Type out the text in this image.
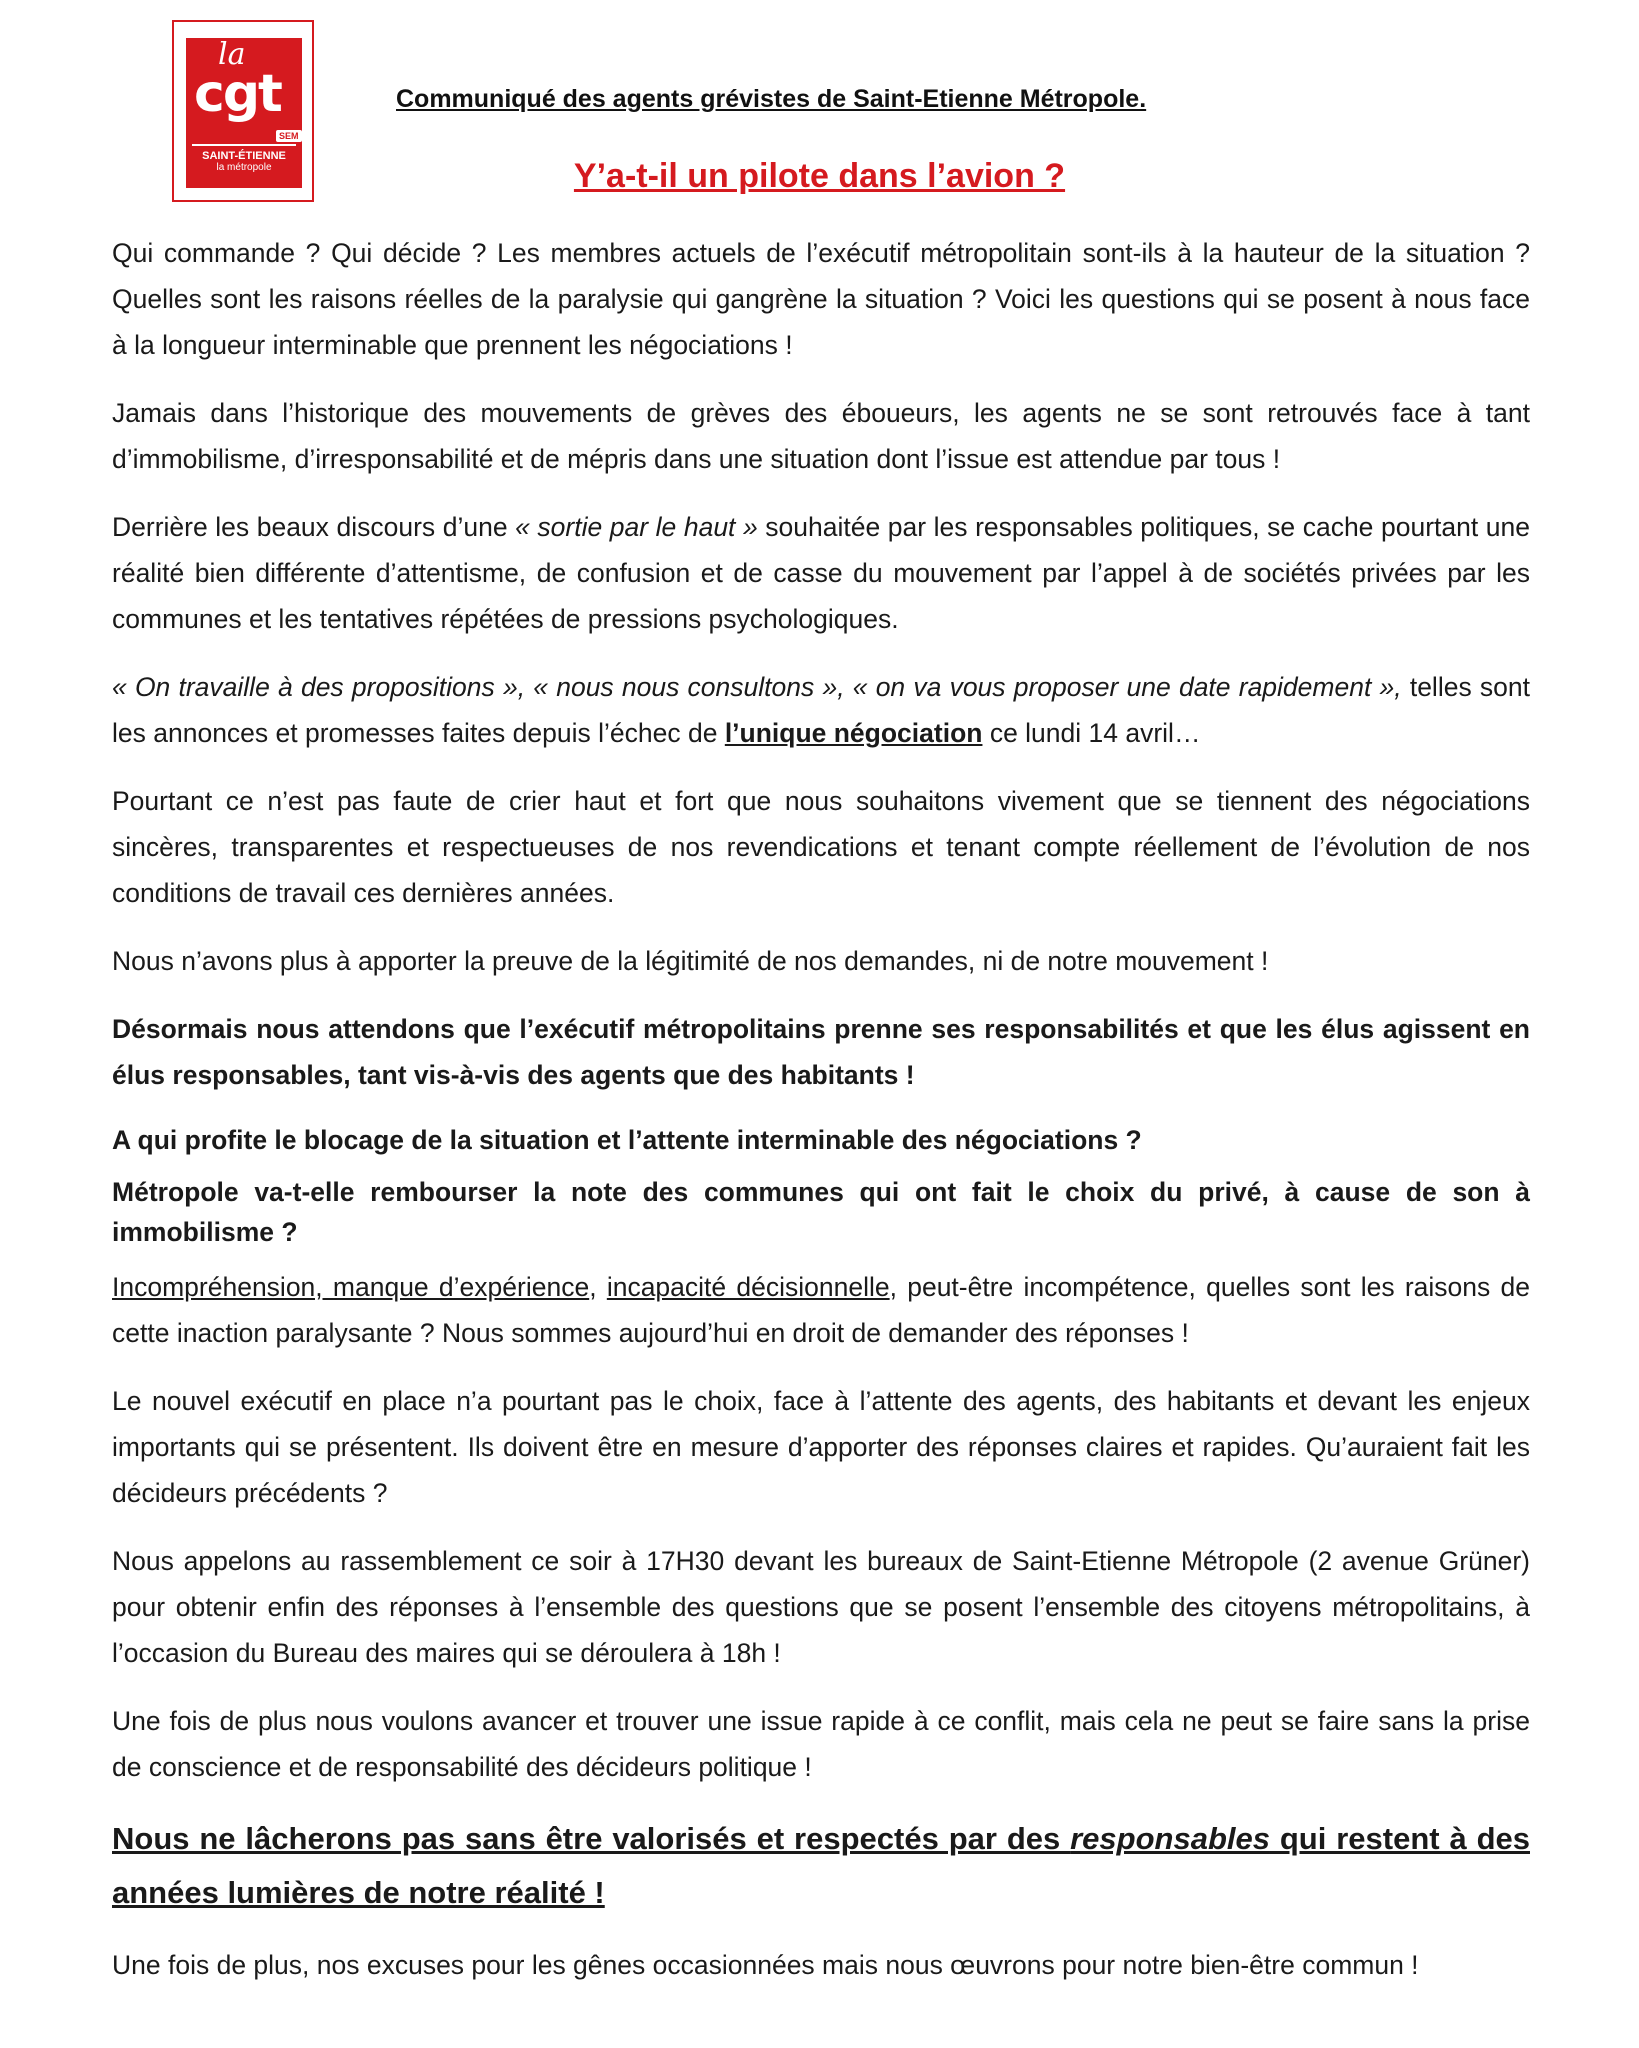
la
cgt
SEM
SAINT-ÉTIENNE
la métropole
Communiqué des agents grévistes de Saint-Etienne Métropole.
Y’a-t-il un pilote dans l’avion ?

Qui commande ? Qui décide ? Les membres actuels de l’exécutif métropolitain sont-ils à la hauteur de la situation ? Quelles sont les raisons réelles de la paralysie qui gangrène la situation ? Voici les questions qui se posent à nous face à la longueur interminable que prennent les négociations !

Jamais dans l’historique des mouvements de grèves des éboueurs, les agents ne se sont retrouvés face à tant d’immobilisme, d’irresponsabilité et de mépris dans une situation dont l’issue est attendue par tous !

Derrière les beaux discours d’une « sortie par le haut » souhaitée par les responsables politiques, se cache pourtant une réalité bien différente d’attentisme, de confusion et de casse du mouvement par l’appel à de sociétés privées par les communes et les tentatives répétées de pressions psychologiques.

« On travaille à des propositions », « nous nous consultons », « on va vous proposer une date rapidement », telles sont les annonces et promesses faites depuis l’échec de l’unique négociation ce lundi 14 avril…

Pourtant ce n’est pas faute de crier haut et fort que nous souhaitons vivement que se tiennent des négociations sincères, transparentes et respectueuses de nos revendications et tenant compte réellement de l’évolution de nos conditions de travail ces dernières années.

Nous n’avons plus à apporter la preuve de la légitimité de nos demandes, ni de notre mouvement !

Désormais nous attendons que l’exécutif métropolitains prenne ses responsabilités et que les élus agissent en élus responsables, tant vis-à-vis des agents que des habitants !

A qui profite le blocage de la situation et l’attente interminable des négociations ?

Métropole va-t-elle rembourser la note des communes qui ont fait le choix du privé, à cause de son à immobilisme ?

Incompréhension, manque d’expérience, incapacité décisionnelle, peut-être incompétence, quelles sont les raisons de cette inaction paralysante ? Nous sommes aujourd’hui en droit de demander des réponses !

Le nouvel exécutif en place n’a pourtant pas le choix, face à l’attente des agents, des habitants et devant les enjeux importants qui se présentent. Ils doivent être en mesure d’apporter des réponses claires et rapides. Qu’auraient fait les décideurs précédents ?

Nous appelons au rassemblement ce soir à 17H30 devant les bureaux de Saint-Etienne Métropole (2 avenue Grüner) pour obtenir enfin des réponses à l’ensemble des questions que se posent l’ensemble des citoyens métropolitains, à l’occasion du Bureau des maires qui se déroulera à 18h !

Une fois de plus nous voulons avancer et trouver une issue rapide à ce conflit, mais cela ne peut se faire sans la prise de conscience et de responsabilité des décideurs politique !

Nous ne lâcherons pas sans être valorisés et respectés par des responsables qui restent à des années lumières de notre réalité !

Une fois de plus, nos excuses pour les gênes occasionnées mais nous œuvrons pour notre bien-être commun !
